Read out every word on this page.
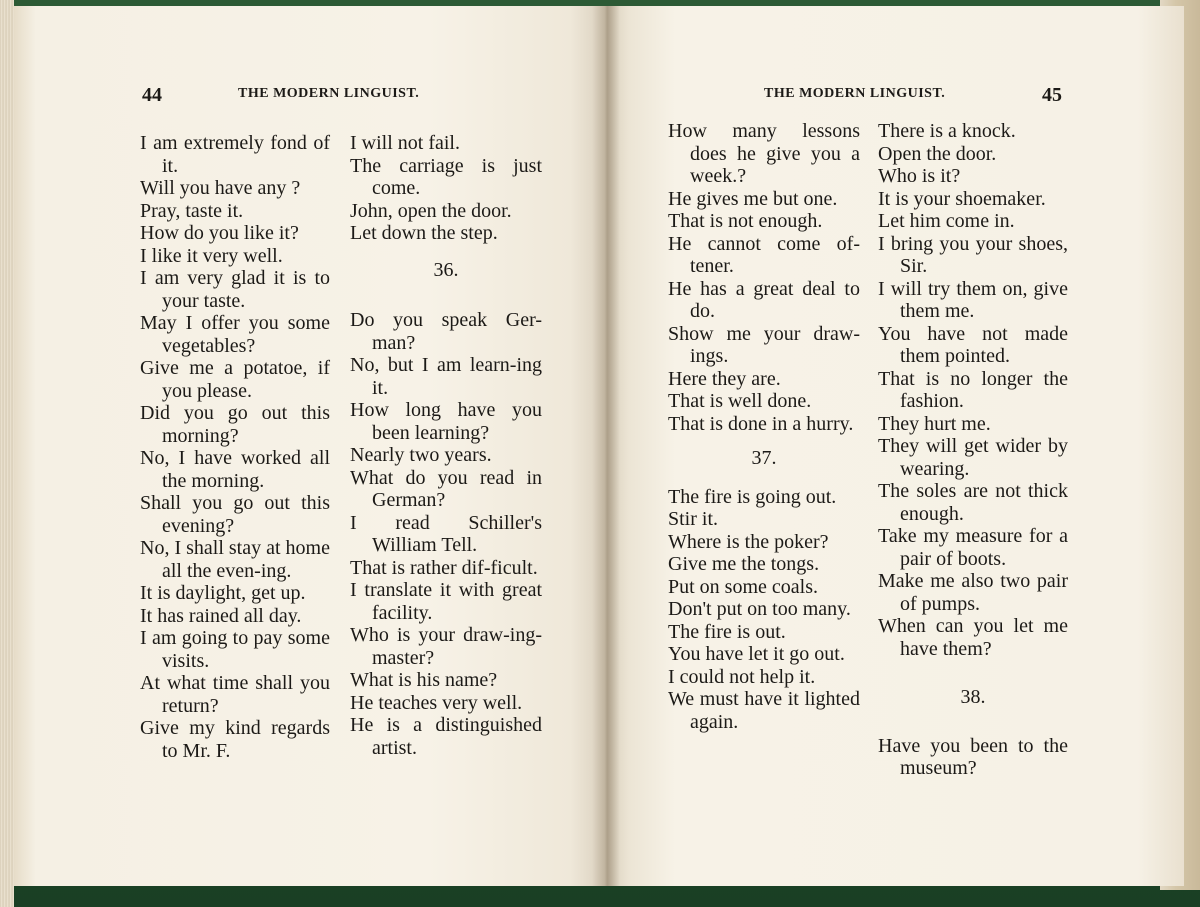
44	THE MODERN LINGUIST.

I am extremely fond of it.

Will you have any ?

Pray, taste it.

How do you like it?

I like it very well.

I am very glad it is to your taste.

May I offer you some vegetables?

Give me a potatoe, if you please.

Did you go out this morning?

No, I have worked all the morning.

Shall you go out this evening?

No, I shall stay at home all the even-ing.

It is daylight, get up.

It has rained all day.

I am going to pay some visits.

At what time shall you return?

Give my kind regards to Mr. F.

I will not fail.

The carriage is just come.

John, open the door.

Let down the step.

36.

Do you speak Ger-man?

No, but I am learn-ing it.

How long have you been learning?

Nearly two years.

What do you read in German?

I read Schiller's William Tell.

That is rather dif-ficult.

I translate it with great facility.

Who is your draw-ing-master?

What is his name?

He teaches very well.

He is a distinguished artist.

THE MODERN LINGUIST.	45

How many lessons does he give you a week.?

He gives me but one.

That is not enough.

He cannot come of-tener.

He has a great deal to do.

Show me your draw-ings.

Here they are.

That is well done.

That is done in a hurry.

37.

The fire is going out.

Stir it.

Where is the poker?

Give me the tongs.

Put on some coals.

Don't put on too many.

The fire is out.

You have let it go out.

I could not help it.

We must have it lighted again.

There is a knock.

Open the door.

Who is it?

It is your shoemaker.

Let him come in.

I bring you your shoes, Sir.

I will try them on, give them me.

You have not made them pointed.

That is no longer the fashion.

They hurt me.

They will get wider by wearing.

The soles are not thick enough.

Take my measure for a pair of boots.

Make me also two pair of pumps.

When can you let me have them?

38.

Have you been to the museum?
